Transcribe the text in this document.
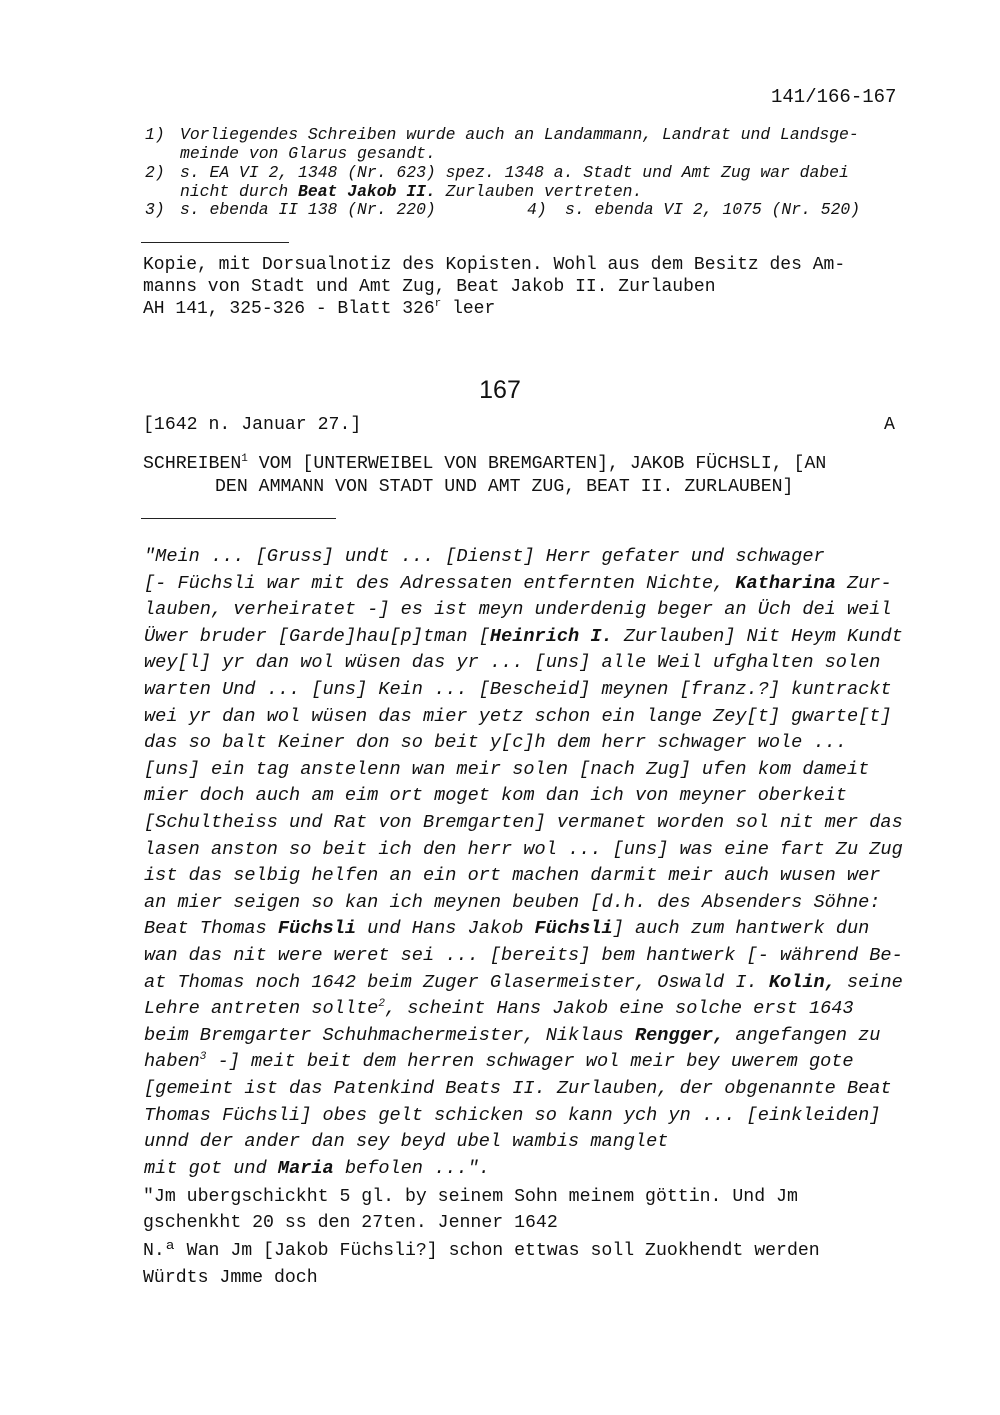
141/166-167
1) Vorliegendes Schreiben wurde auch an Landammann, Landrat und Landsge-
meinde von Glarus gesandt.
2) s. EA VI 2, 1348 (Nr. 623) spez. 1348 a. Stadt und Amt Zug war dabei
nicht durch Beat Jakob II. Zurlauben vertreten.
3) s. ebenda II 138 (Nr. 220)	4) s. ebenda VI 2, 1075 (Nr. 520)
Kopie, mit Dorsualnotiz des Kopisten. Wohl aus dem Besitz des Am-
manns von Stadt und Amt Zug, Beat Jakob II. Zurlauben
AH 141, 325-326 - Blatt 326$^r$ leer
167
[1642 n. Januar 27.]	A
SCHREIBEN$^1$ VOM [UNTERWEIBEL VON BREMGARTEN], JAKOB FÜCHSLI, [AN
DEN AMMANN VON STADT UND AMT ZUG, BEAT II. ZURLAUBEN]
"Mein ... [Gruss] undt ... [Dienst] Herr gefater und schwager
[- Füchsli war mit des Adressaten entfernten Nichte, Katharina Zur-
lauben, verheiratet -] es ist meyn underdenig beger an Üch dei weil
Üwer bruder [Garde]hau[p]tman [Heinrich I. Zurlauben] Nit Heym Kundt
wey[l] yr dan wol wüsen das yr ... [uns] alle Weil ufghalten solen
warten Und ... [uns] Kein ... [Bescheid] meynen [franz.?] kuntrackt
wei yr dan wol wüsen das mier yetz schon ein lange Zey[t] gwarte[t]
das so balt Keiner don so beit y[c]h dem herr schwager wole ...
[uns] ein tag anstelenn wan meir solen [nach Zug] ufen kom dameit
mier doch auch am eim ort moget kom dan ich von meyner oberkeit
[Schultheiss und Rat von Bremgarten] vermanet worden sol nit mer das
lasen anston so beit ich den herr wol ... [uns] was eine fart Zu Zug
ist das selbig helfen an ein ort machen darmit meir auch wusen wer
an mier seigen so kan ich meynen beuben [d.h. des Absenders Söhne:
Beat Thomas Füchsli und Hans Jakob Füchsli] auch zum hantwerk dun
wan das nit were weret sei ... [bereits] bem hantwerk [- während Be-
at Thomas noch 1642 beim Zuger Glasermeister, Oswald I. Kolin, seine
Lehre antreten sollte$^2$, scheint Hans Jakob eine solche erst 1643
beim Bremgarter Schuhmachermeister, Niklaus Rengger, angefangen zu
haben$^3$ -] meit beit dem herren schwager wol meir bey uwerem gote
[gemeint ist das Patenkind Beats II. Zurlauben, der obgenannte Beat
Thomas Füchsli] obes gelt schicken so kann ych yn ... [einkleiden]
unnd der ander dan sey beyd ubel wambis manglet
mit got und Maria befolen ...".
"Jm ubergschickht 5 gl. by seinem Sohn meinem göttin. Und Jm
gschenkht 20 ss den 27ten. Jenner 1642
N.ª Wan Jm [Jakob Füchsli?] schon ettwas soll Zuokhendt werden
Würdts Jmme doch
